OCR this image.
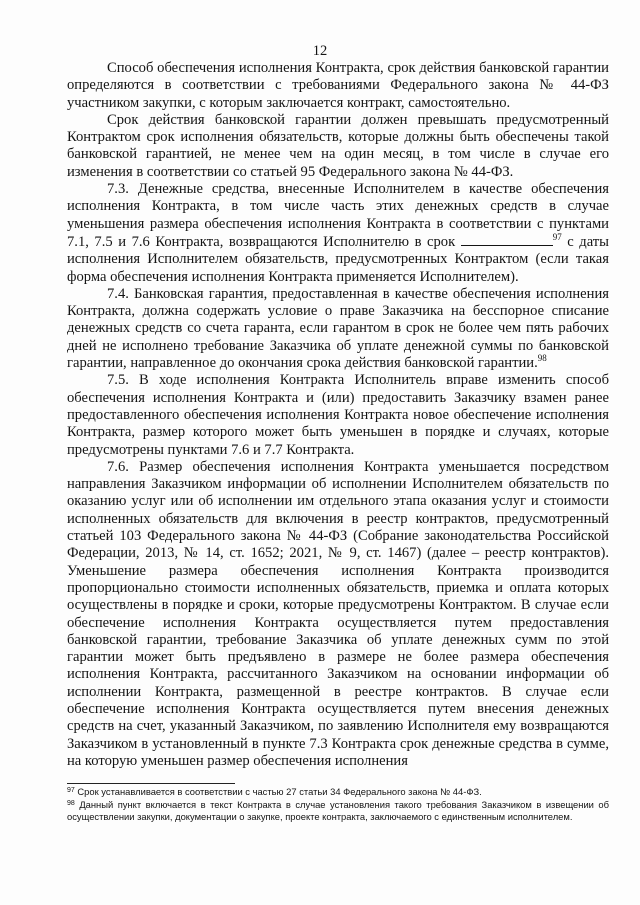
12

Способ обеспечения исполнения Контракта, срок действия банковской гарантии определяются в соответствии с требованиями Федерального закона № 44-ФЗ участником закупки, с которым заключается контракт, самостоятельно.

Срок действия банковской гарантии должен превышать предусмотренный Контрактом срок исполнения обязательств, которые должны быть обеспечены такой банковской гарантией, не менее чем на один месяц, в том числе в случае его изменения в соответствии со статьей 95 Федерального закона № 44-ФЗ.

7.3. Денежные средства, внесенные Исполнителем в качестве обеспечения исполнения Контракта, в том числе часть этих денежных средств в случае уменьшения размера обеспечения исполнения Контракта в соответствии с пунктами 7.1, 7.5 и 7.6 Контракта, возвращаются Исполнителю в срок	$^{97}$ с даты исполнения Исполнителем обязательств, предусмотренных Контрактом (если такая форма обеспечения исполнения Контракта применяется Исполнителем).

7.4. Банковская гарантия, предоставленная в качестве обеспечения исполнения Контракта, должна содержать условие о праве Заказчика на бесспорное списание денежных средств со счета гаранта, если гарантом в срок не более чем пять рабочих дней не исполнено требование Заказчика об уплате денежной суммы по банковской гарантии, направленное до окончания срока действия банковской гарантии.$^{98}$

7.5. В ходе исполнения Контракта Исполнитель вправе изменить способ обеспечения исполнения Контракта и (или) предоставить Заказчику взамен ранее предоставленного обеспечения исполнения Контракта новое обеспечение исполнения Контракта, размер которого может быть уменьшен в порядке и случаях, которые предусмотрены пунктами 7.6 и 7.7 Контракта.

7.6. Размер обеспечения исполнения Контракта уменьшается посредством направления Заказчиком информации об исполнении Исполнителем обязательств по оказанию услуг или об исполнении им отдельного этапа оказания услуг и стоимости исполненных обязательств для включения в реестр контрактов, предусмотренный статьей 103 Федерального закона № 44-ФЗ (Собрание законодательства Российской Федерации, 2013, № 14, ст. 1652; 2021, № 9, ст. 1467) (далее – реестр контрактов). Уменьшение размера обеспечения исполнения Контракта производится пропорционально стоимости исполненных обязательств, приемка и оплата которых осуществлены в порядке и сроки, которые предусмотрены Контрактом. В случае если обеспечение исполнения Контракта осуществляется путем предоставления банковской гарантии, требование Заказчика об уплате денежных сумм по этой гарантии может быть предъявлено в размере не более размера обеспечения исполнения Контракта, рассчитанного Заказчиком на основании информации об исполнении Контракта, размещенной в реестре контрактов. В случае если обеспечение исполнения Контракта осуществляется путем внесения денежных средств на счет, указанный Заказчиком, по заявлению Исполнителя ему возвращаются Заказчиком в установленный в пункте 7.3 Контракта срок денежные средства в сумме, на которую уменьшен размер обеспечения исполнения

$^{97}$ Срок устанавливается в соответствии с частью 27 статьи 34 Федерального закона № 44-ФЗ.

$^{98}$ Данный пункт включается в текст Контракта в случае установления такого требования Заказчиком в извещении об осуществлении закупки, документации о закупке, проекте контракта, заключаемого с единственным исполнителем.
